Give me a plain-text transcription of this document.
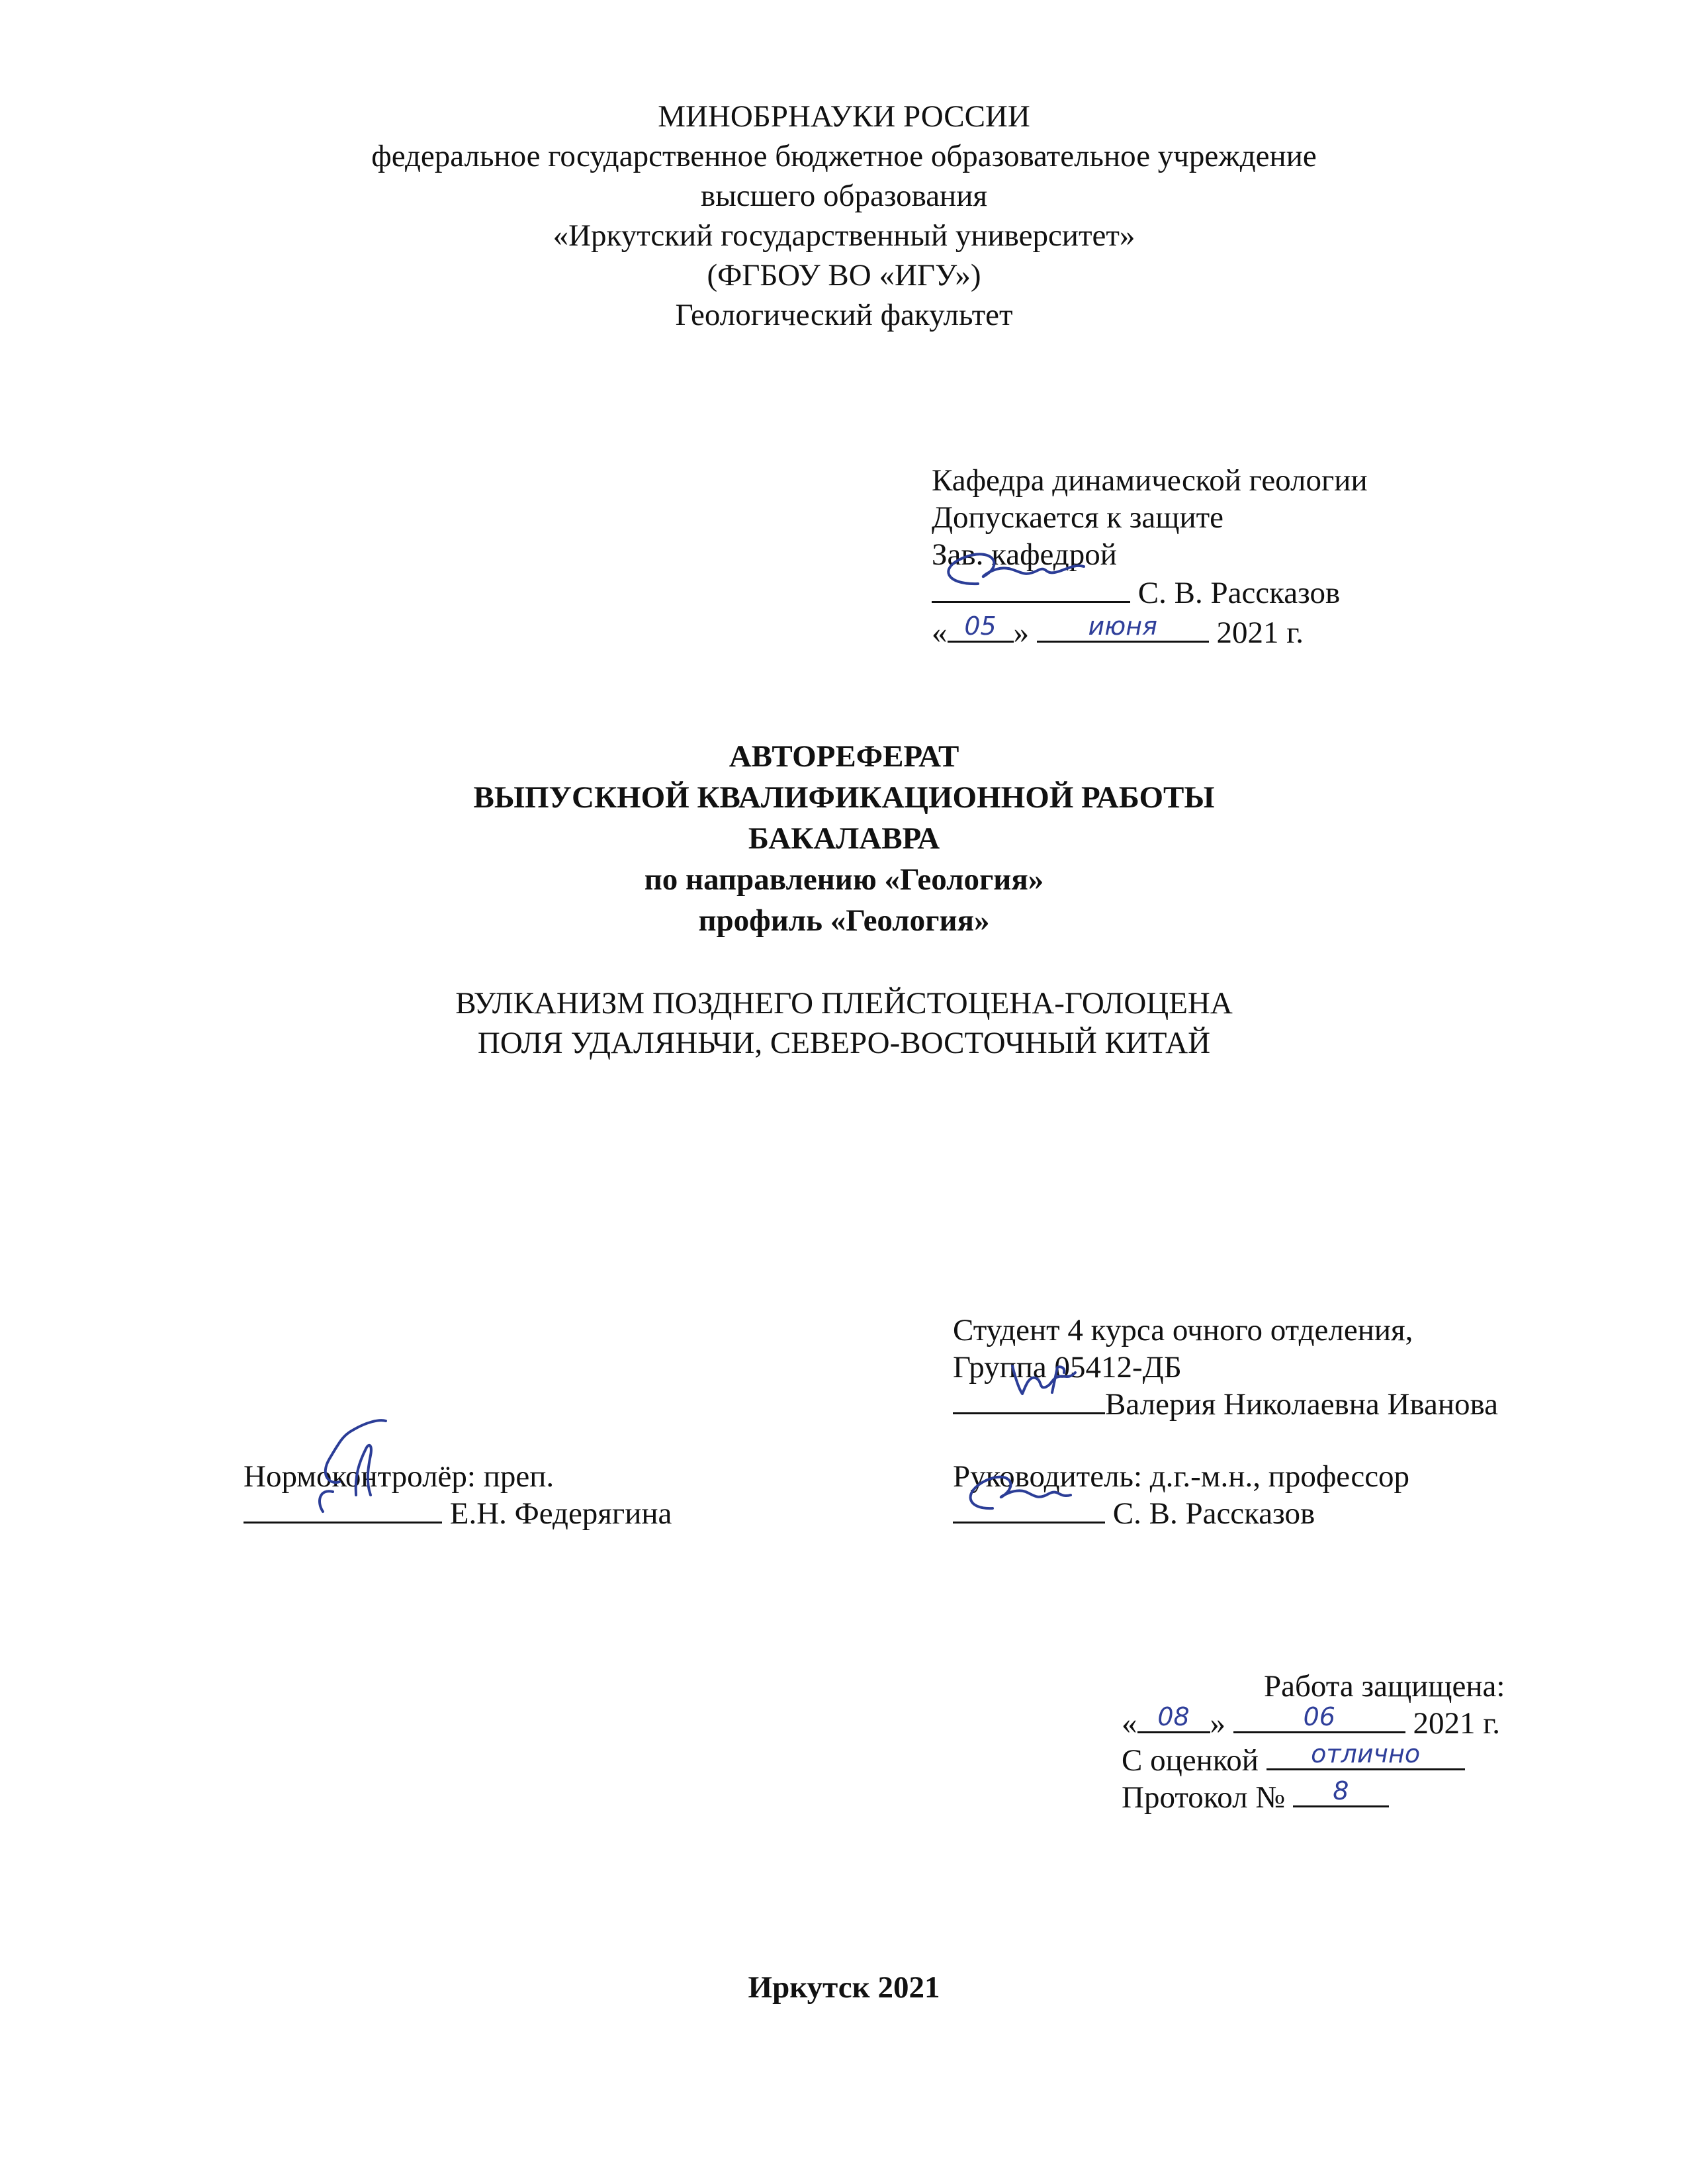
МИНОБРНАУКИ РОССИИ
федеральное государственное бюджетное образовательное учреждение
высшего образования
«Иркутский государственный университет»
(ФГБОУ ВО «ИГУ»)
Геологический факультет
Кафедра динамической геологии
Допускается к защите
Зав. кафедрой
С. В. Рассказов
« 05 »	июня	2021 г.
АВТОРЕФЕРАТ
ВЫПУСКНОЙ КВАЛИФИКАЦИОННОЙ РАБОТЫ
БАКАЛАВРА
по направлению «Геология»
профиль «Геология»
ВУЛКАНИЗМ ПОЗДНЕГО ПЛЕЙСТОЦЕНА-ГОЛОЦЕНА
ПОЛЯ УДАЛЯНЬЧИ, СЕВЕРО-ВОСТОЧНЫЙ КИТАЙ
Студент 4 курса очного отделения,
Группа 05412-ДБ
Валерия Николаевна Иванова
Нормоконтролёр: преп.
Е.Н. Федерягина
Руководитель: д.г.-м.н., профессор
С. В. Рассказов
Работа защищена:
« 08 »	06	2021 г.
С оценкой	отлично
Протокол №	8
Иркутск 2021
